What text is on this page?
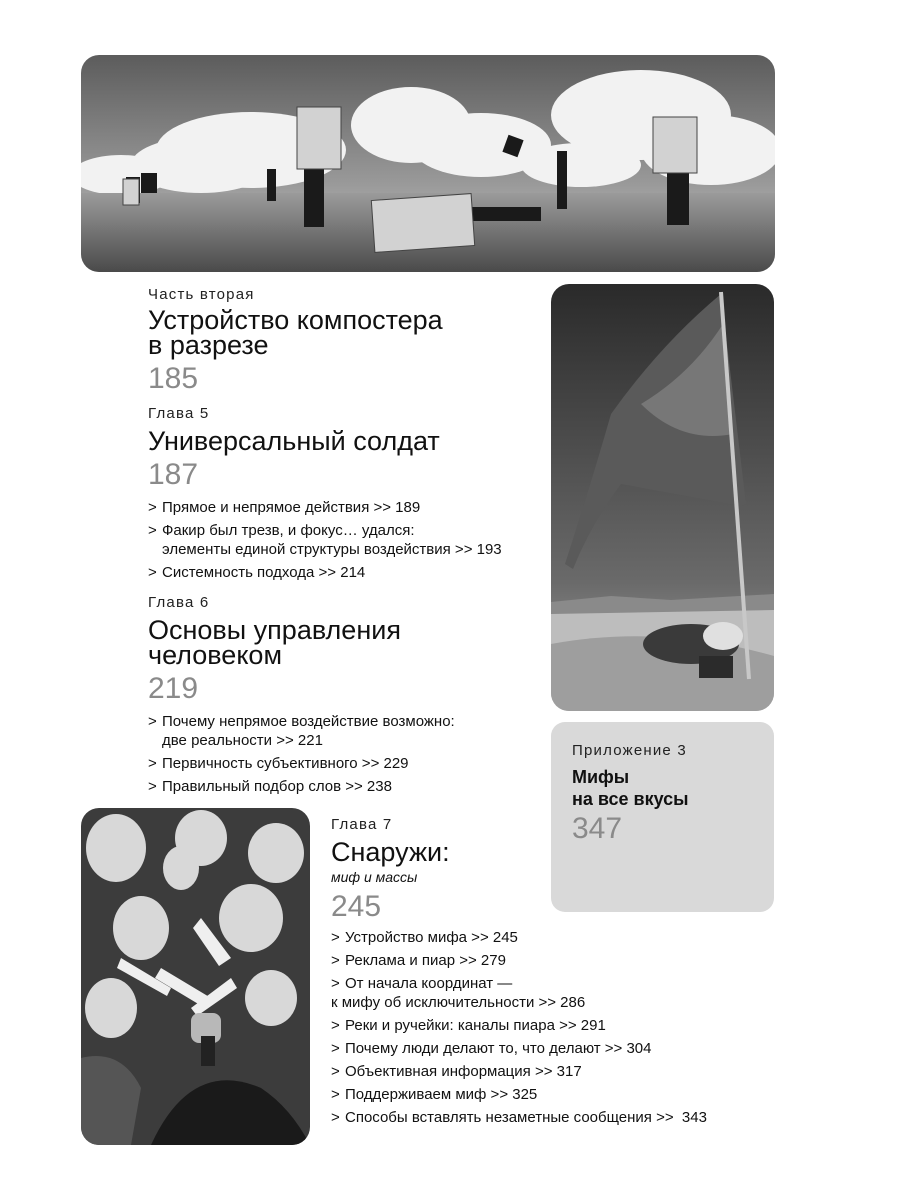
Часть вторая

Устройство компостера
в разрезе

185

Глава 5

Универсальный солдат

187

> Прямое и непрямое действия >> 189
> Факир был трезв, и фокус… удался:
элементы единой структуры воздействия >> 193
> Системность подхода >> 214

Глава 6

Основы управления
человеком

219

> Почему непрямое воздействие возможно:
две реальности >> 221
> Первичность субъективного >> 229
> Правильный подбор слов >> 238

Приложение 3

Мифы
на все вкусы

347

Глава 7

Снаружи:

миф и массы

245

> Устройство мифа >> 245
> Реклама и пиар >> 279
> От начала координат —
к мифу об исключительности >> 286
> Реки и ручейки: каналы пиара >> 291
> Почему люди делают то, что делают >> 304
> Объективная информация >> 317
> Поддерживаем миф >> 325
> Способы вставлять незаметные сообщения >>  343
